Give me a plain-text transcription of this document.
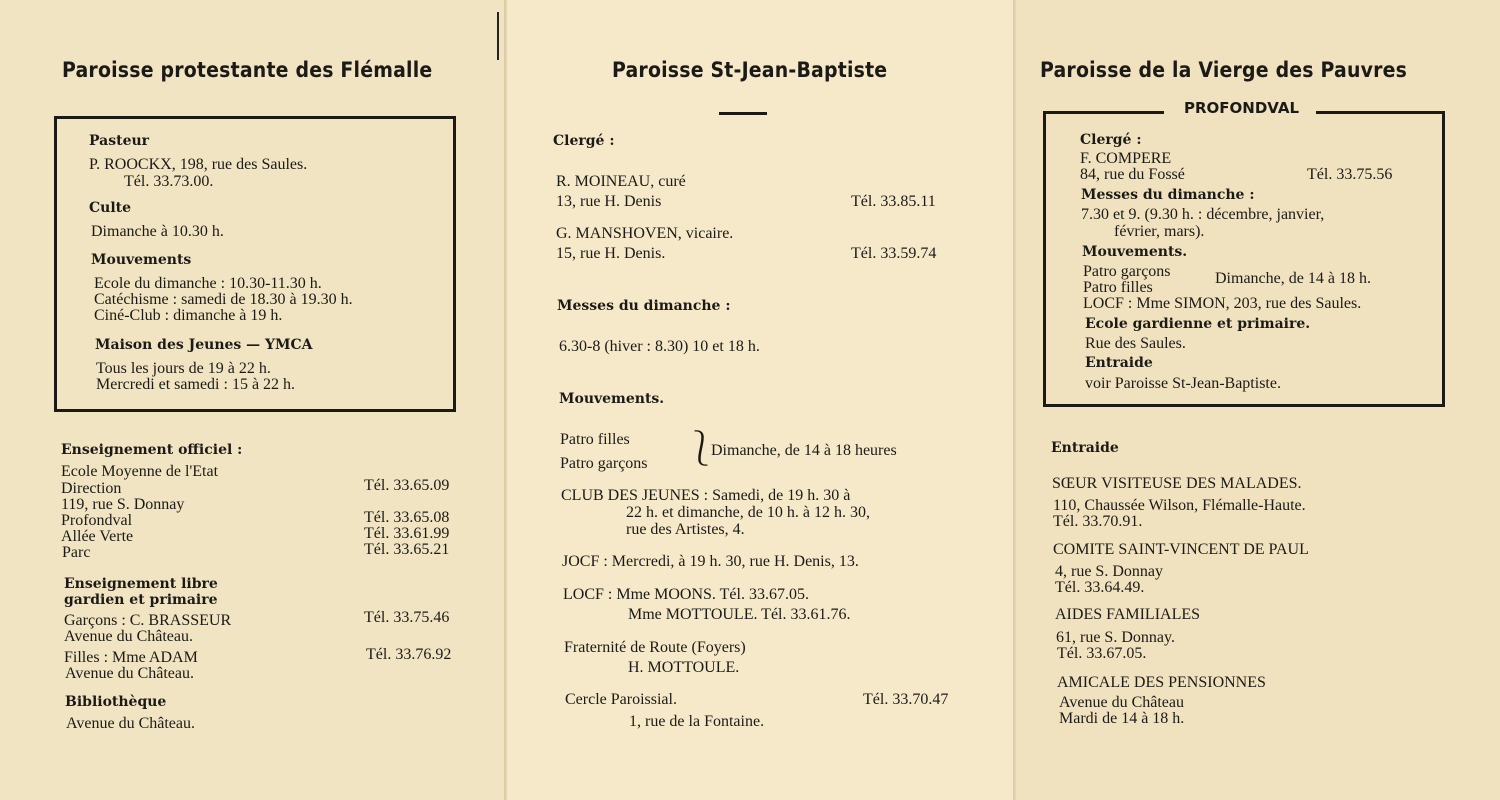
Paroisse protestante des Flémalle
Pasteur
P. ROOCKX, 198, rue des Saules.
Tél. 33.73.00.
Culte
Dimanche à 10.30 h.
Mouvements
Ecole du dimanche : 10.30-11.30 h.
Catéchisme : samedi de 18.30 à 19.30 h.
Ciné-Club : dimanche à 19 h.
Maison des Jeunes — YMCA
Tous les jours de 19 à 22 h.
Mercredi et samedi : 15 à 22 h.
Enseignement officiel :
Ecole Moyenne de l'Etat
Direction	Tél. 33.65.09
119, rue S. Donnay
Profondval	Tél. 33.65.08
Allée Verte	Tél. 33.61.99
Parc	Tél. 33.65.21
Enseignement libre
gardien et primaire
Garçons : C. BRASSEUR	Tél. 33.75.46
Avenue du Château.
Filles : Mme ADAM	Tél. 33.76.92
Avenue du Château.
Bibliothèque
Avenue du Château.
Paroisse St-Jean-Baptiste
Clergé :
R. MOINEAU, curé
13, rue H. Denis	Tél. 33.85.11
G. MANSHOVEN, vicaire.
15, rue H. Denis.	Tél. 33.59.74
Messes du dimanche :
6.30-8 (hiver : 8.30) 10 et 18 h.
Mouvements.
Patro filles
Patro garçons ⎱
Dimanche, de 14 à 18 heures
CLUB DES JEUNES : Samedi, de 19 h. 30 à
22 h. et dimanche, de 10 h. à 12 h. 30,
rue des Artistes, 4.
JOCF : Mercredi, à 19 h. 30, rue H. Denis, 13.
LOCF : Mme MOONS. Tél. 33.67.05.
Mme MOTTOULE. Tél. 33.61.76.
Fraternité de Route (Foyers)
H. MOTTOULE.
Cercle Paroissial.	Tél. 33.70.47
1, rue de la Fontaine.
Paroisse de la Vierge des Pauvres
PROFONDVAL
Clergé :
F. COMPERE
84, rue du Fossé	Tél. 33.75.56
Messes du dimanche :
7.30 et 9. (9.30 h. : décembre, janvier,
février, mars).
Mouvements.
Patro garçons
Patro filles
Dimanche, de 14 à 18 h.
LOCF : Mme SIMON, 203, rue des Saules.
Ecole gardienne et primaire.
Rue des Saules.
Entraide
voir Paroisse St-Jean-Baptiste.
Entraide
SŒUR VISITEUSE DES MALADES.
110, Chaussée Wilson, Flémalle-Haute.
Tél. 33.70.91.
COMITE SAINT-VINCENT DE PAUL
4, rue S. Donnay
Tél. 33.64.49.
AIDES FAMILIALES
61, rue S. Donnay.
Tél. 33.67.05.
AMICALE DES PENSIONNES
Avenue du Château
Mardi de 14 à 18 h.
